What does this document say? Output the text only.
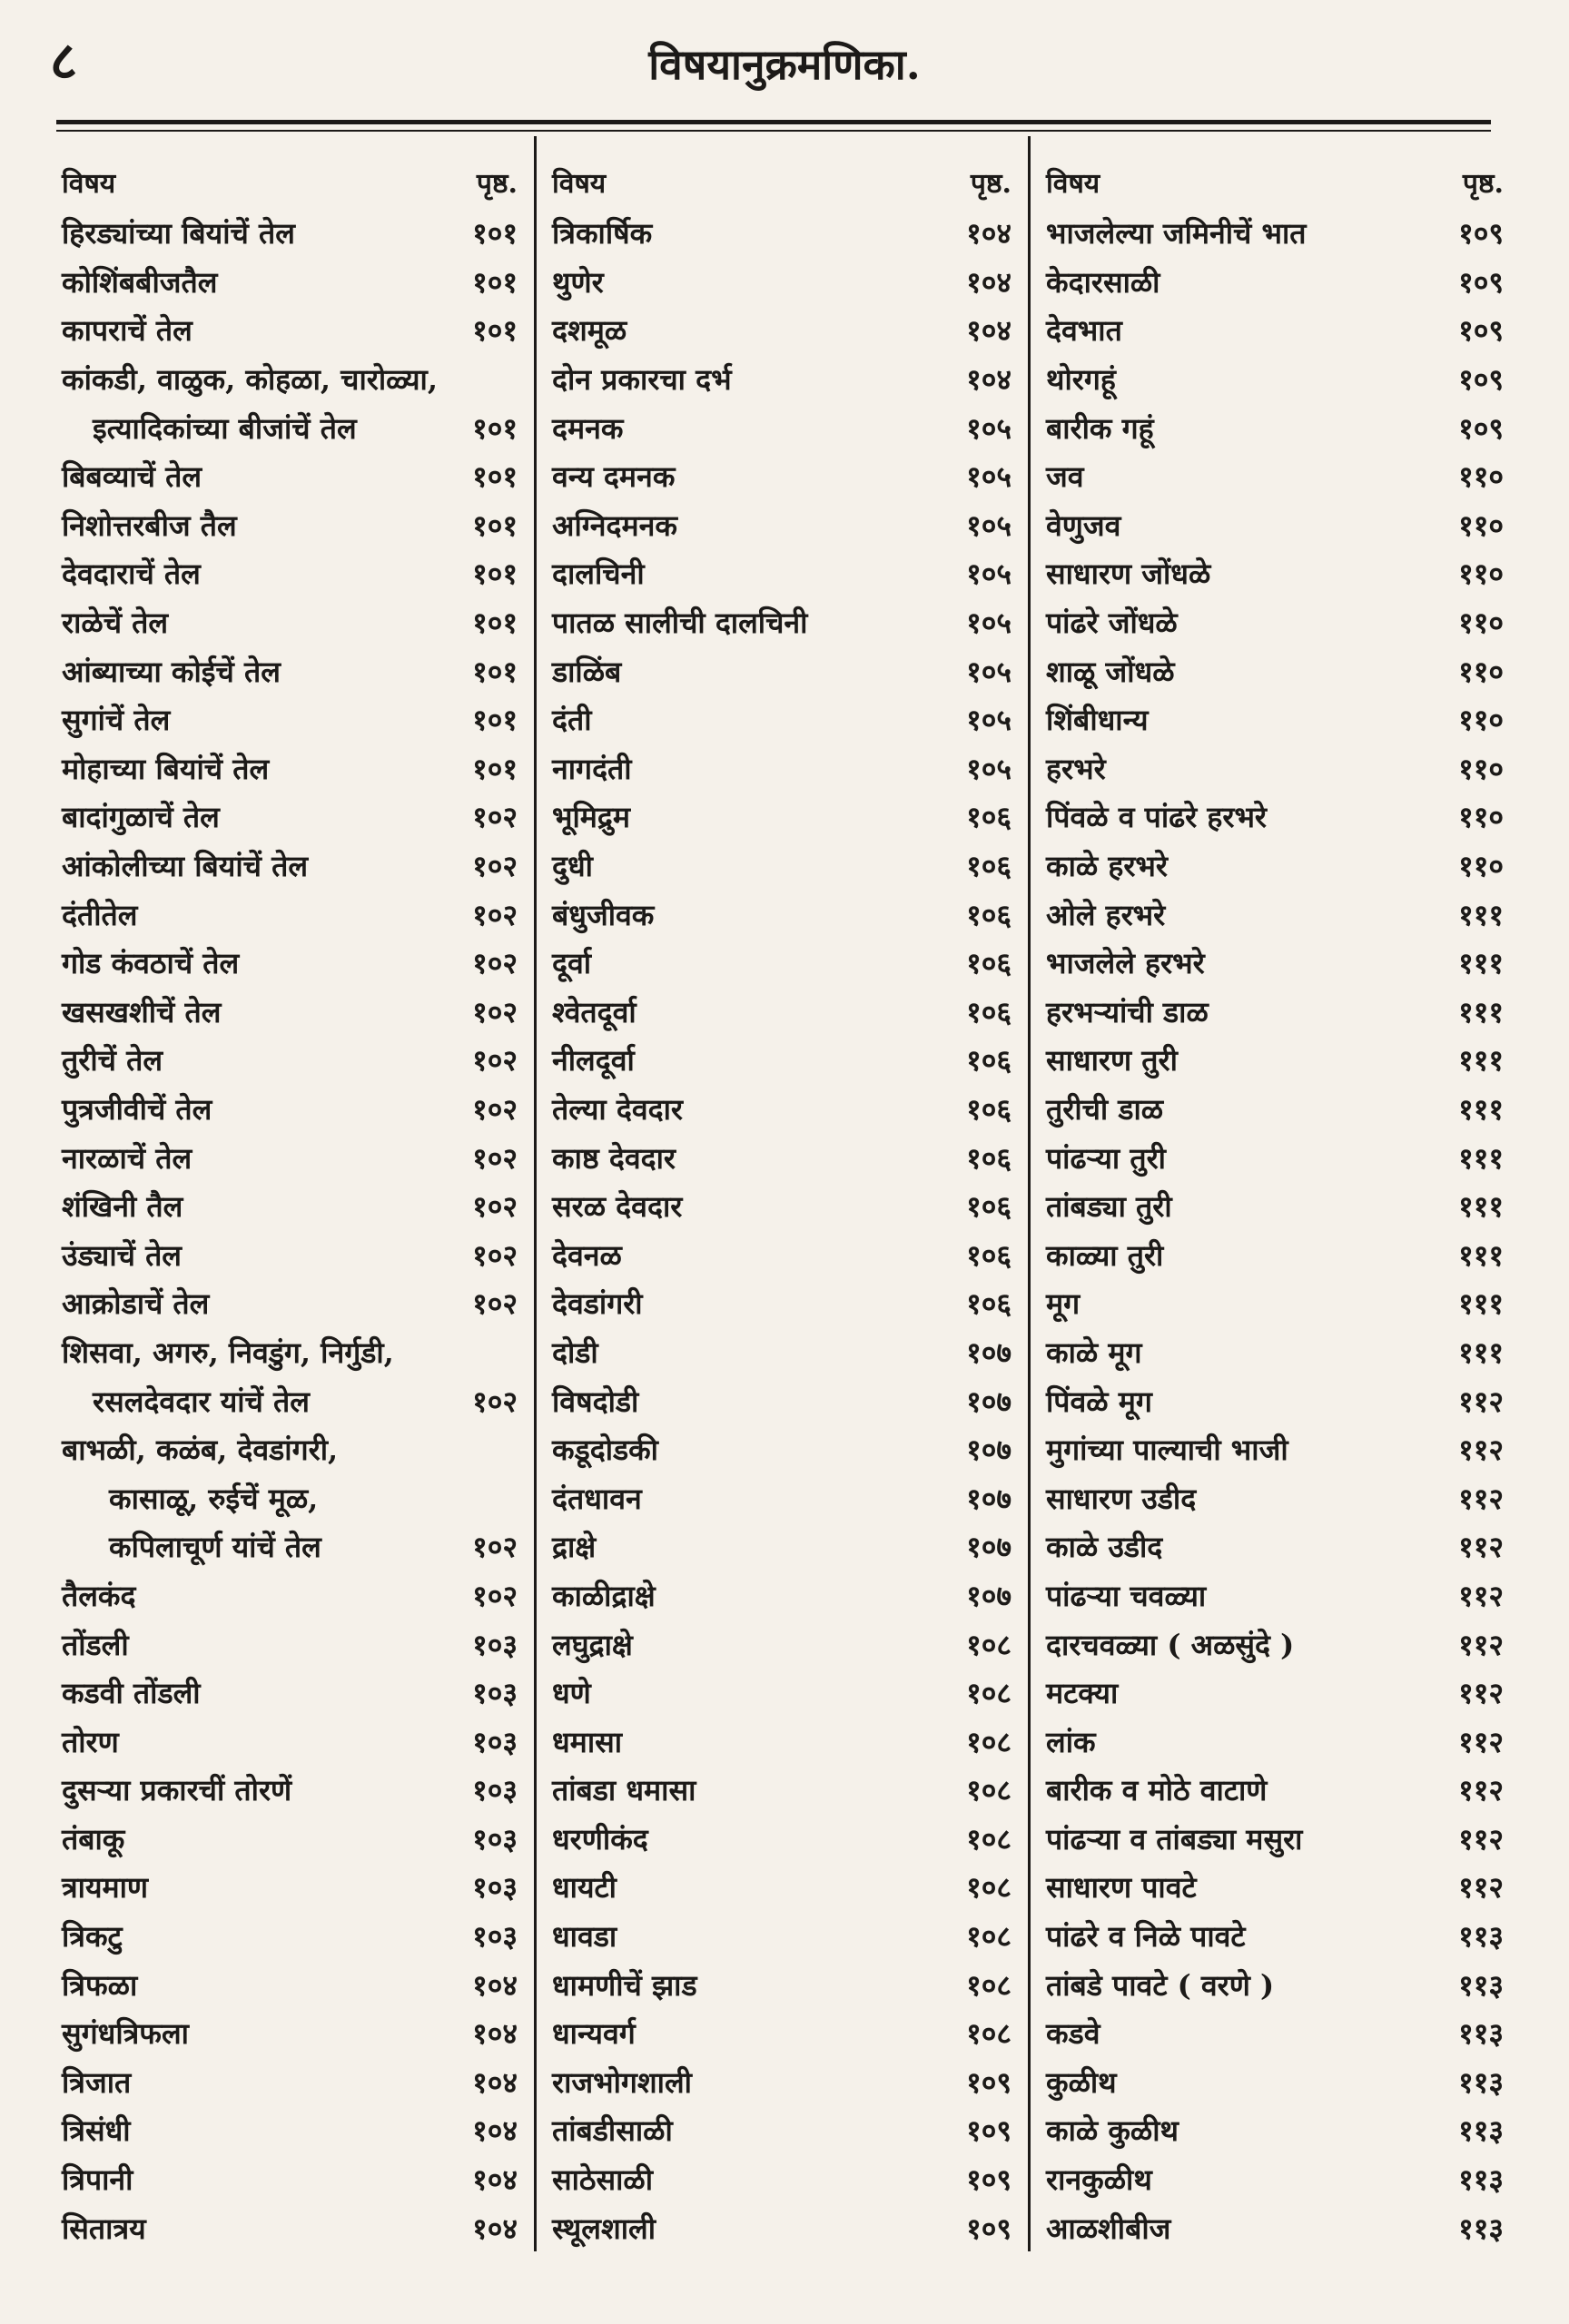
८	विषयानुक्रमणिका.
विषय	पृष्ठ.
हिरड्यांच्या बियांचें तेल	१०१
कोशिंबबीजतैल	१०१
कापराचें तेल	१०१
कांकडी, वाळुक, कोहळा, चारोळ्या,
इत्यादिकांच्या बीजांचें तेल	१०१
बिबव्याचें तेल	१०१
निशोत्तरबीज तैल	१०१
देवदाराचें तेल	१०१
राळेचें तेल	१०१
आंब्याच्या कोईचें तेल	१०१
सुगांचें तेल	१०१
मोहाच्या बियांचें तेल	१०१
बादांगुळाचें तेल	१०२
आंकोलीच्या बियांचें तेल	१०२
दंतीतेल	१०२
गोड कंवठाचें तेल	१०२
खसखशीचें तेल	१०२
तुरीचें तेल	१०२
पुत्रजीवीचें तेल	१०२
नारळाचें तेल	१०२
शंखिनी तैल	१०२
उंड्याचें तेल	१०२
आक्रोडाचें तेल	१०२
शिसवा, अगरु, निवडुंग, निर्गुडी,
रसलदेवदार यांचें तेल	१०२
बाभळी, कळंब, देवडांगरी,
कासाळू, रुईचें मूळ,
कपिलाचूर्ण यांचें तेल	१०२
तैलकंद	१०२
तोंडली	१०३
कडवी तोंडली	१०३
तोरण	१०३
दुसऱ्या प्रकारचीं तोरणें	१०३
तंबाकू	१०३
त्रायमाण	१०३
त्रिकटु	१०३
त्रिफळा	१०४
सुगंधत्रिफला	१०४
त्रिजात	१०४
त्रिसंधी	१०४
त्रिपानी	१०४
सितात्रय	१०४
विषय	पृष्ठ.
त्रिकार्षिक	१०४
थुणेर	१०४
दशमूळ	१०४
दोन प्रकारचा दर्भ	१०४
दमनक	१०५
वन्य दमनक	१०५
अग्निदमनक	१०५
दालचिनी	१०५
पातळ सालीची दालचिनी	१०५
डाळिंब	१०५
दंती	१०५
नागदंती	१०५
भूमिद्रुम	१०६
दुधी	१०६
बंधुजीवक	१०६
दूर्वा	१०६
श्वेतदूर्वा	१०६
नीलदूर्वा	१०६
तेल्या देवदार	१०६
काष्ठ देवदार	१०६
सरळ देवदार	१०६
देवनळ	१०६
देवडांगरी	१०६
दोडी	१०७
विषदोडी	१०७
कडूदोडकी	१०७
दंतधावन	१०७
द्राक्षे	१०७
काळीद्राक्षे	१०७
लघुद्राक्षे	१०८
धणे	१०८
धमासा	१०८
तांबडा धमासा	१०८
धरणीकंद	१०८
धायटी	१०८
धावडा	१०८
धामणीचें झाड	१०८
धान्यवर्ग	१०८
राजभोगशाली	१०९
तांबडीसाळी	१०९
साठेसाळी	१०९
स्थूलशाली	१०९
विषय	पृष्ठ.
भाजलेल्या जमिनीचें भात	१०९
केदारसाळी	१०९
देवभात	१०९
थोरगहूं	१०९
बारीक गहूं	१०९
जव	११०
वेणुजव	११०
साधारण जोंधळे	११०
पांढरे जोंधळे	११०
शाळू जोंधळे	११०
शिंबीधान्य	११०
हरभरे	११०
पिंवळे व पांढरे हरभरे	११०
काळे हरभरे	११०
ओले हरभरे	१११
भाजलेले हरभरे	१११
हरभऱ्यांची डाळ	१११
साधारण तुरी	१११
तुरीची डाळ	१११
पांढऱ्या तुरी	१११
तांबड्या तुरी	१११
काळ्या तुरी	१११
मूग	१११
काळे मूग	१११
पिंवळे मूग	११२
मुगांच्या पाल्याची भाजी	११२
साधारण उडीद	११२
काळे उडीद	११२
पांढऱ्या चवळ्या	११२
दारचवळ्या ( अळसुंदे )	११२
मटक्या	११२
लांक	११२
बारीक व मोठे वाटाणे	११२
पांढऱ्या व तांबड्या मसुरा	११२
साधारण पावटे	११२
पांढरे व निळे पावटे	११३
तांबडे पावटे ( वरणे )	११३
कडवे	११३
कुळीथ	११३
काळे कुळीथ	११३
रानकुळीथ	११३
आळशीबीज	११३
